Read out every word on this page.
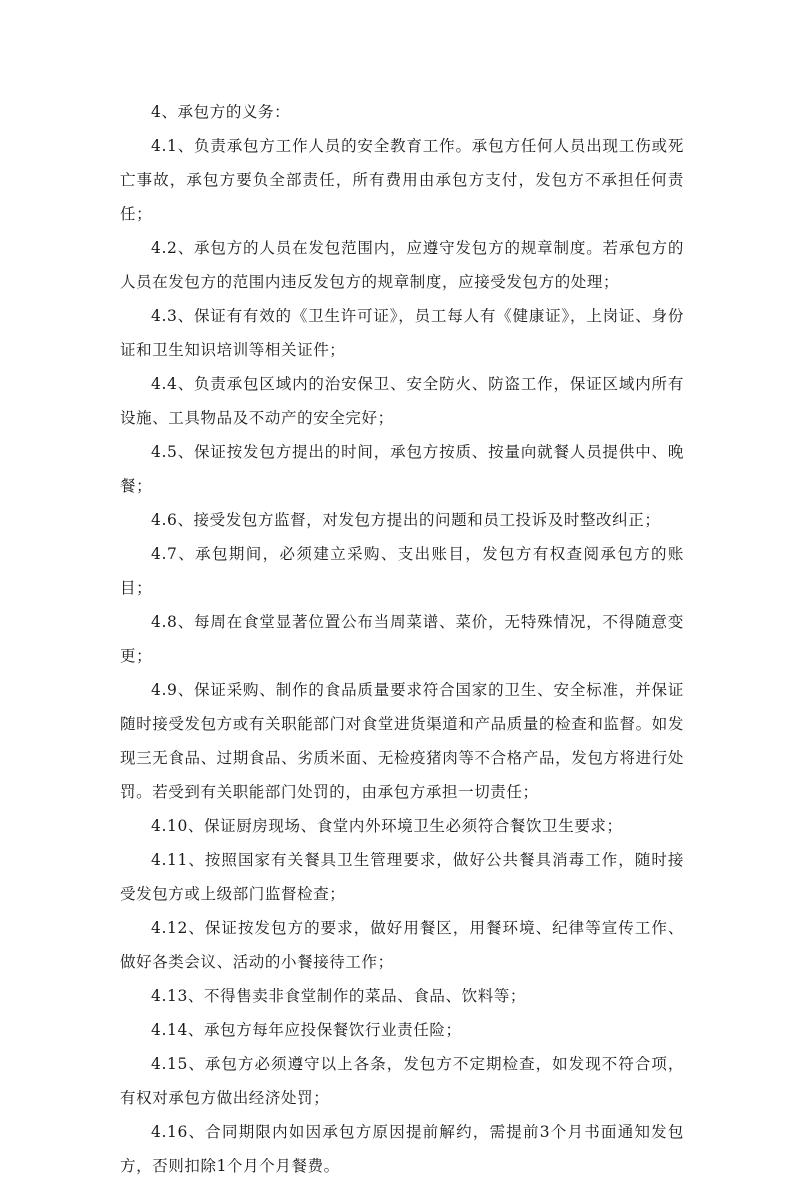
4、承包方的义务：

4.1、负责承包方工作人员的安全教育工作。承包方任何人员出现工伤或死亡事故，承包方要负全部责任，所有费用由承包方支付，发包方不承担任何责任；

4.2、承包方的人员在发包范围内，应遵守发包方的规章制度。若承包方的人员在发包方的范围内违反发包方的规章制度，应接受发包方的处理；

4.3、保证有有效的《卫生许可证》，员工每人有《健康证》，上岗证、身份证和卫生知识培训等相关证件；

4.4、负责承包区域内的治安保卫、安全防火、防盗工作，保证区域内所有设施、工具物品及不动产的安全完好；

4.5、保证按发包方提出的时间，承包方按质、按量向就餐人员提供中、晚餐；

4.6、接受发包方监督，对发包方提出的问题和员工投诉及时整改纠正；

4.7、承包期间，必须建立采购、支出账目，发包方有权查阅承包方的账目；

4.8、每周在食堂显著位置公布当周菜谱、菜价，无特殊情况，不得随意变更；

4.9、保证采购、制作的食品质量要求符合国家的卫生、安全标准，并保证随时接受发包方或有关职能部门对食堂进货渠道和产品质量的检查和监督。如发现三无食品、过期食品、劣质米面、无检疫猪肉等不合格产品，发包方将进行处罚。若受到有关职能部门处罚的，由承包方承担一切责任；

4.10、保证厨房现场、食堂内外环境卫生必须符合餐饮卫生要求；

4.11、按照国家有关餐具卫生管理要求，做好公共餐具消毒工作，随时接受发包方或上级部门监督检查；

4.12、保证按发包方的要求，做好用餐区，用餐环境、纪律等宣传工作、做好各类会议、活动的小餐接待工作；

4.13、不得售卖非食堂制作的菜品、食品、饮料等；

4.14、承包方每年应投保餐饮行业责任险；

4.15、承包方必须遵守以上各条，发包方不定期检查，如发现不符合项，有权对承包方做出经济处罚；

4.16、合同期限内如因承包方原因提前解约，需提前3个月书面通知发包方，否则扣除1个月个月餐费。
